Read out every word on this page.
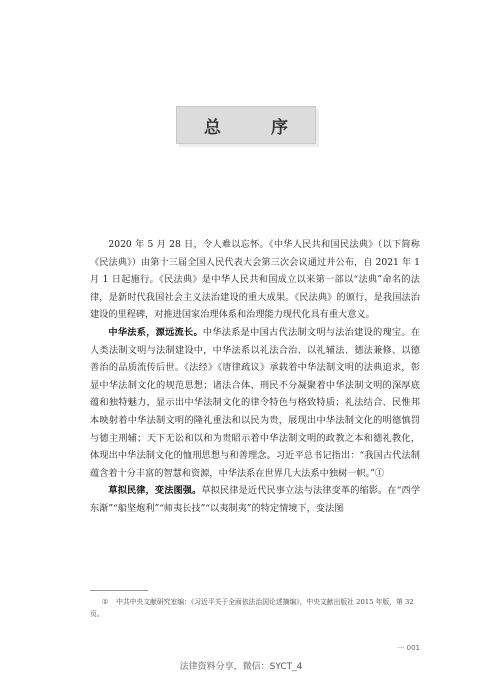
总 序

2020 年 5 月 28 日，令人难以忘怀。《中华人民共和国民法典》（以下简称《民法典》）由第十三届全国人民代表大会第三次会议通过并公布，自 2021 年 1 月 1 日起施行。《民法典》是中华人民共和国成立以来第一部以“法典”命名的法律，是新时代我国社会主义法治建设的重大成果。《民法典》的颁行，是我国法治建设的里程碑，对推进国家治理体系和治理能力现代化具有重大意义。

中华法系，源远流长。中华法系是中国古代法制文明与法治建设的瑰宝。在人类法制文明与法制建设中，中华法系以礼法合治、以礼辅法、德法兼修、以德善治的品质流传后世。《法经》《唐律疏议》承载着中华法制文明的法典追求，彰显中华法制文化的规范思想；诸法合体、刑民不分凝聚着中华法制文明的深厚底蕴和独特魅力，显示出中华法制文化的律令特色与格致特质；礼法结合、民惟邦本映射着中华法制文明的隆礼重法和以民为贵，展现出中华法制文化的明德慎罚与德主刑辅；天下无讼和以和为贵昭示着中华法制文明的政教之本和德礼教化，体现出中华法制文化的恤刑思想与和善理念。习近平总书记指出：“我国古代法制蕴含着十分丰富的智慧和资源，中华法系在世界几大法系中独树一帜。”①

草拟民律，变法图强。草拟民律是近代民事立法与法律变革的缩影。在“西学东渐”“船坚炮利”“师夷长技”“以夷制夷”的特定情境下，变法图

① 中共中央文献研究室编：《习近平关于全面依法治国论述摘编》，中央文献出版社 2015 年版，第 32 页。
··· 001
法律资料分享，微信：SYCT_4
